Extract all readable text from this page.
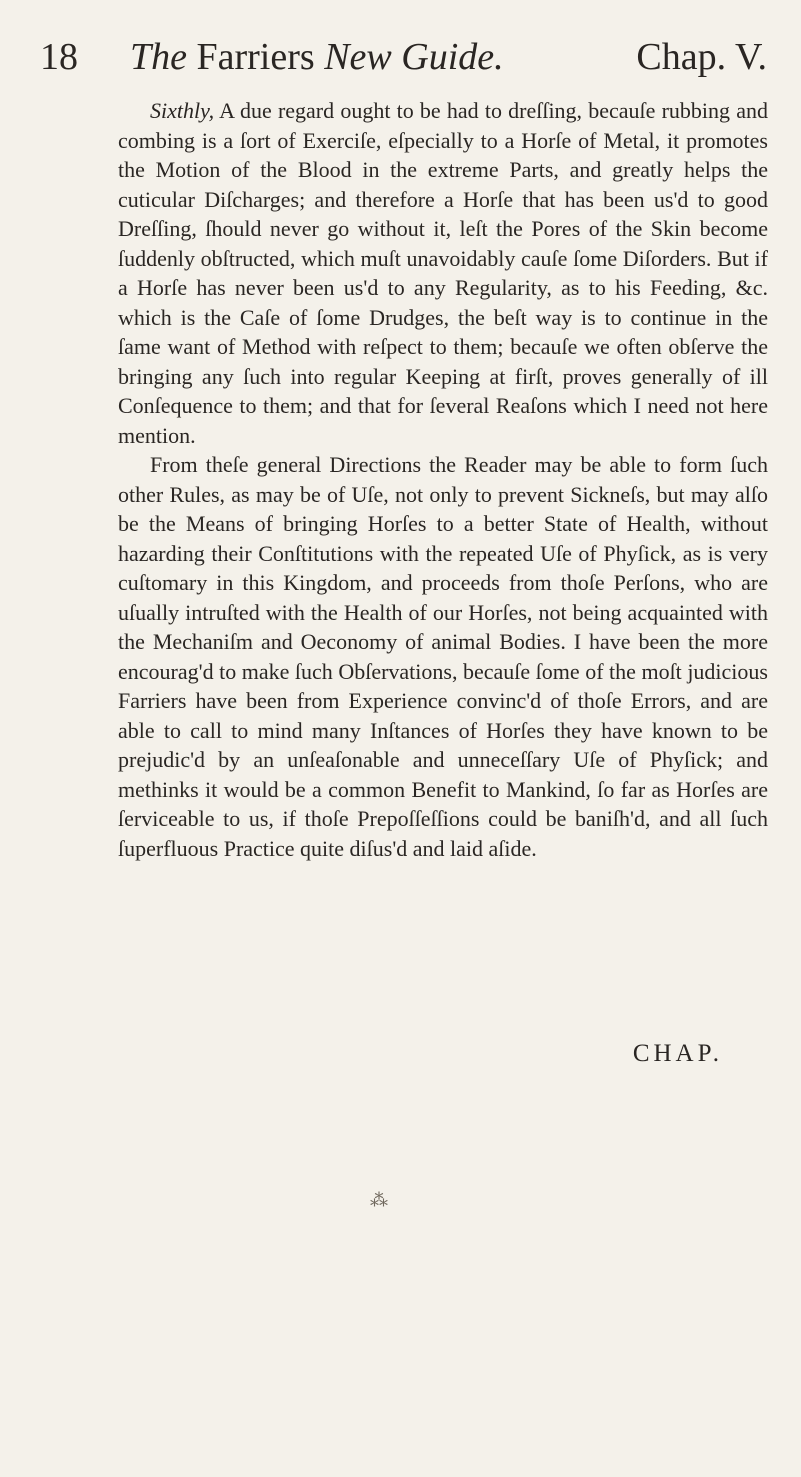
18	The Farriers New Guide.	Chap. V.

Sixthly, A due regard ought to be had to dreſſing, becauſe rubbing and combing is a ſort of Exerciſe, eſpecially to a Horſe of Metal, it promotes the Motion of the Blood in the extreme Parts, and greatly helps the cuticular Diſcharges; and therefore a Horſe that has been us'd to good Dreſſing, ſhould never go without it, leſt the Pores of the Skin become ſuddenly obſtructed, which muſt unavoidably cauſe ſome Diſorders. But if a Horſe has never been us'd to any Regularity, as to his Feeding, &c. which is the Caſe of ſome Drudges, the beſt way is to continue in the ſame want of Method with reſpect to them; becauſe we often obſerve the bringing any ſuch into regular Keeping at firſt, proves generally of ill Conſequence to them; and that for ſeveral Reaſons which I need not here mention.

From theſe general Directions the Reader may be able to form ſuch other Rules, as may be of Uſe, not only to prevent Sickneſs, but may alſo be the Means of bringing Horſes to a better State of Health, without hazarding their Conſtitutions with the repeated Uſe of Phyſick, as is very cuſtomary in this Kingdom, and proceeds from thoſe Perſons, who are uſually intruſted with the Health of our Horſes, not being acquainted with the Mechaniſm and Oeconomy of animal Bodies. I have been the more encourag'd to make ſuch Obſervations, becauſe ſome of the moſt judicious Farriers have been from Experience convinc'd of thoſe Errors, and are able to call to mind many Inſtances of Horſes they have known to be prejudic'd by an unſeaſonable and unneceſſary Uſe of Phyſick; and methinks it would be a common Benefit to Mankind, ſo far as Horſes are ſerviceable to us, if thoſe Prepoſſeſſions could be baniſh'd, and all ſuch ſuperfluous Practice quite diſus'd and laid aſide.

CHAP.
⁂
